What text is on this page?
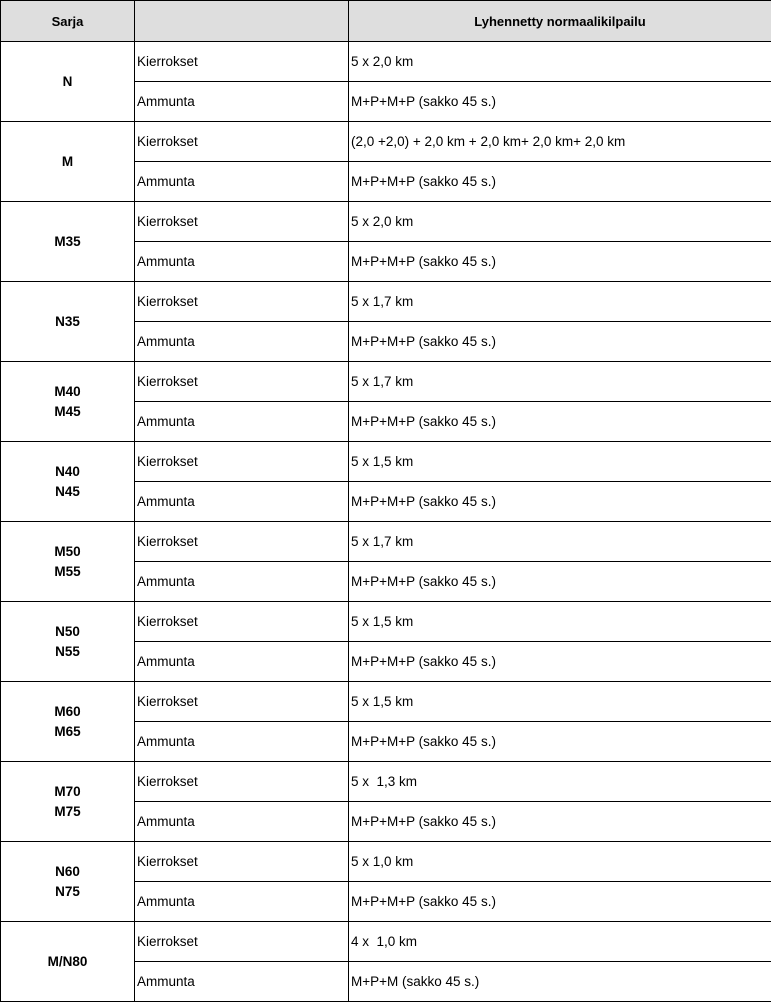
Sarja		Lyhennetty normaalikilpailu

N	Kierrokset	5 x 2,0 km
	Ammunta	M+P+M+P (sakko 45 s.)

M	Kierrokset	(2,0 +2,0) + 2,0 km + 2,0 km+ 2,0 km+ 2,0 km
	Ammunta	M+P+M+P (sakko 45 s.)

M35	Kierrokset	5 x 2,0 km
	Ammunta	M+P+M+P (sakko 45 s.)

N35	Kierrokset	5 x 1,7 km
	Ammunta	M+P+M+P (sakko 45 s.)

M40
M45	Kierrokset	5 x 1,7 km
	Ammunta	M+P+M+P (sakko 45 s.)

N40
N45	Kierrokset	5 x 1,5 km
	Ammunta	M+P+M+P (sakko 45 s.)

M50
M55	Kierrokset	5 x 1,7 km
	Ammunta	M+P+M+P (sakko 45 s.)

N50
N55	Kierrokset	5 x 1,5 km
	Ammunta	M+P+M+P (sakko 45 s.)

M60
M65	Kierrokset	5 x 1,5 km
	Ammunta	M+P+M+P (sakko 45 s.)

M70
M75	Kierrokset	5 x  1,3 km
	Ammunta	M+P+M+P (sakko 45 s.)

N60
N75	Kierrokset	5 x 1,0 km
	Ammunta	M+P+M+P (sakko 45 s.)

M/N80	Kierrokset	4 x  1,0 km
	Ammunta	M+P+M (sakko 45 s.)
